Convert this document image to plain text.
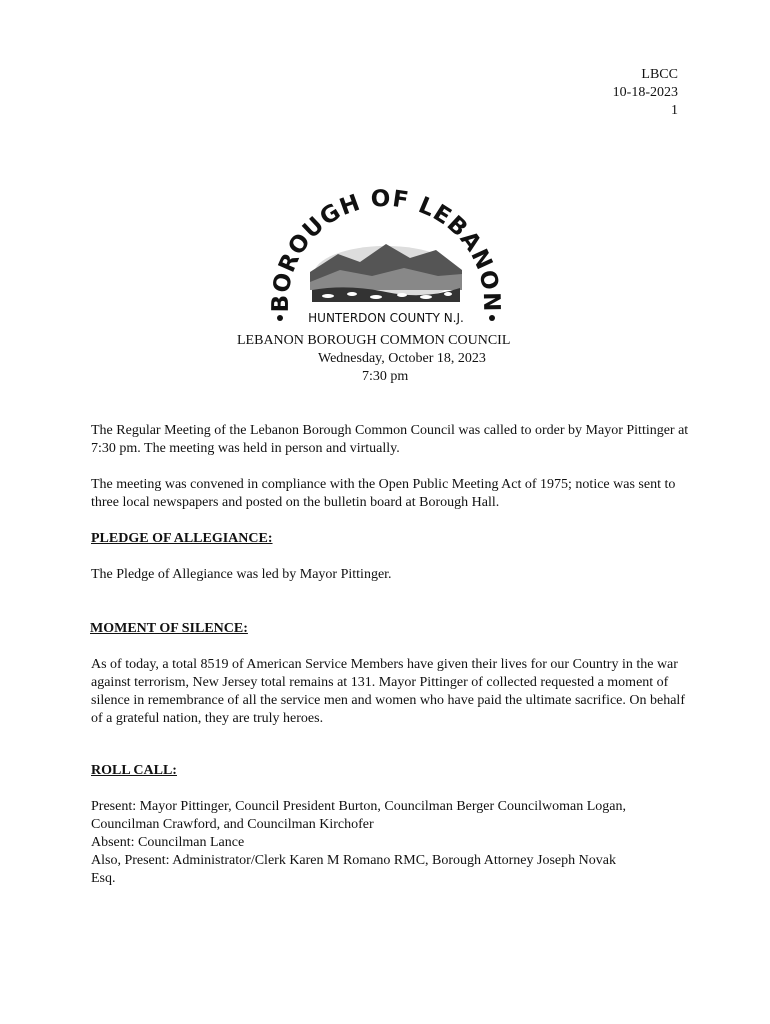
LBCC
10-18-2023
1
BOROUGH OF LEBANON
HUNTERDON COUNTY N.J.
LEBANON BOROUGH COMMON COUNCIL
Wednesday, October 18, 2023
7:30 pm

The Regular Meeting of the Lebanon Borough Common Council was called to order by Mayor Pittinger at 7:30 pm. The meeting was held in person and virtually.

The meeting was convened in compliance with the Open Public Meeting Act of 1975; notice was sent to three local newspapers and posted on the bulletin board at Borough Hall.

PLEDGE OF ALLEGIANCE:

The Pledge of Allegiance was led by Mayor Pittinger.

MOMENT OF SILENCE:

As of today, a total 8519 of American Service Members have given their lives for our Country in the war against terrorism, New Jersey total remains at 131. Mayor Pittinger of collected requested a moment of silence in remembrance of all the service men and women who have paid the ultimate sacrifice. On behalf of a grateful nation, they are truly heroes.

ROLL CALL:

Present: Mayor Pittinger, Council President Burton, Councilman Berger Councilwoman Logan, Councilman Crawford, and Councilman Kirchofer

Absent: Councilman Lance

Also, Present: Administrator/Clerk Karen M Romano RMC, Borough Attorney Joseph Novak Esq.
